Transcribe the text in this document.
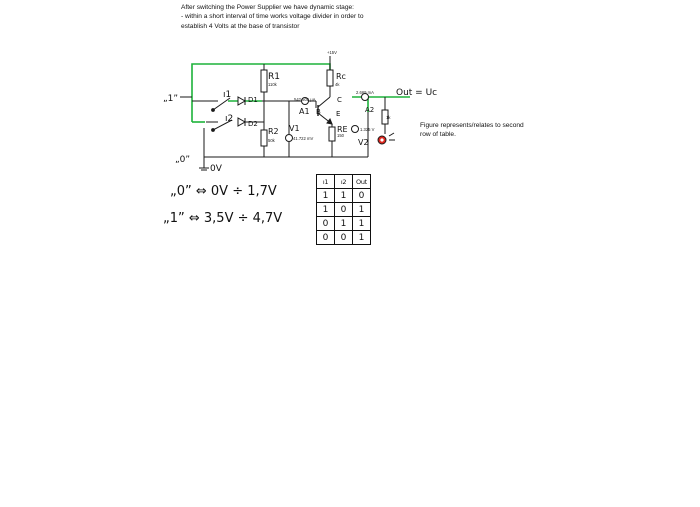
After switching the Power Supplier we have dynamic stage:
- within a short interval of time works voltage divider in order to
establish 4 Volts at the base of transistor
Figure represents/relates to second
row of table.
+15V
R1
110k
Rc
4k
R2
50k
RE
150
1k
542.505 µA
2.669 mA
41.722 mV
1.325 V
A1	A2
V1
V2
B
C
E
ı1
ı2
D1
D2
Out = Uc
„1”
„0”
0V
„0” ⇔ 0V ÷ 1,7V
„1” ⇔ 3,5V ÷ 4,7V
ı1	ı2	Out
1	1	0
1	0	1
0	1	1
0	0	1
